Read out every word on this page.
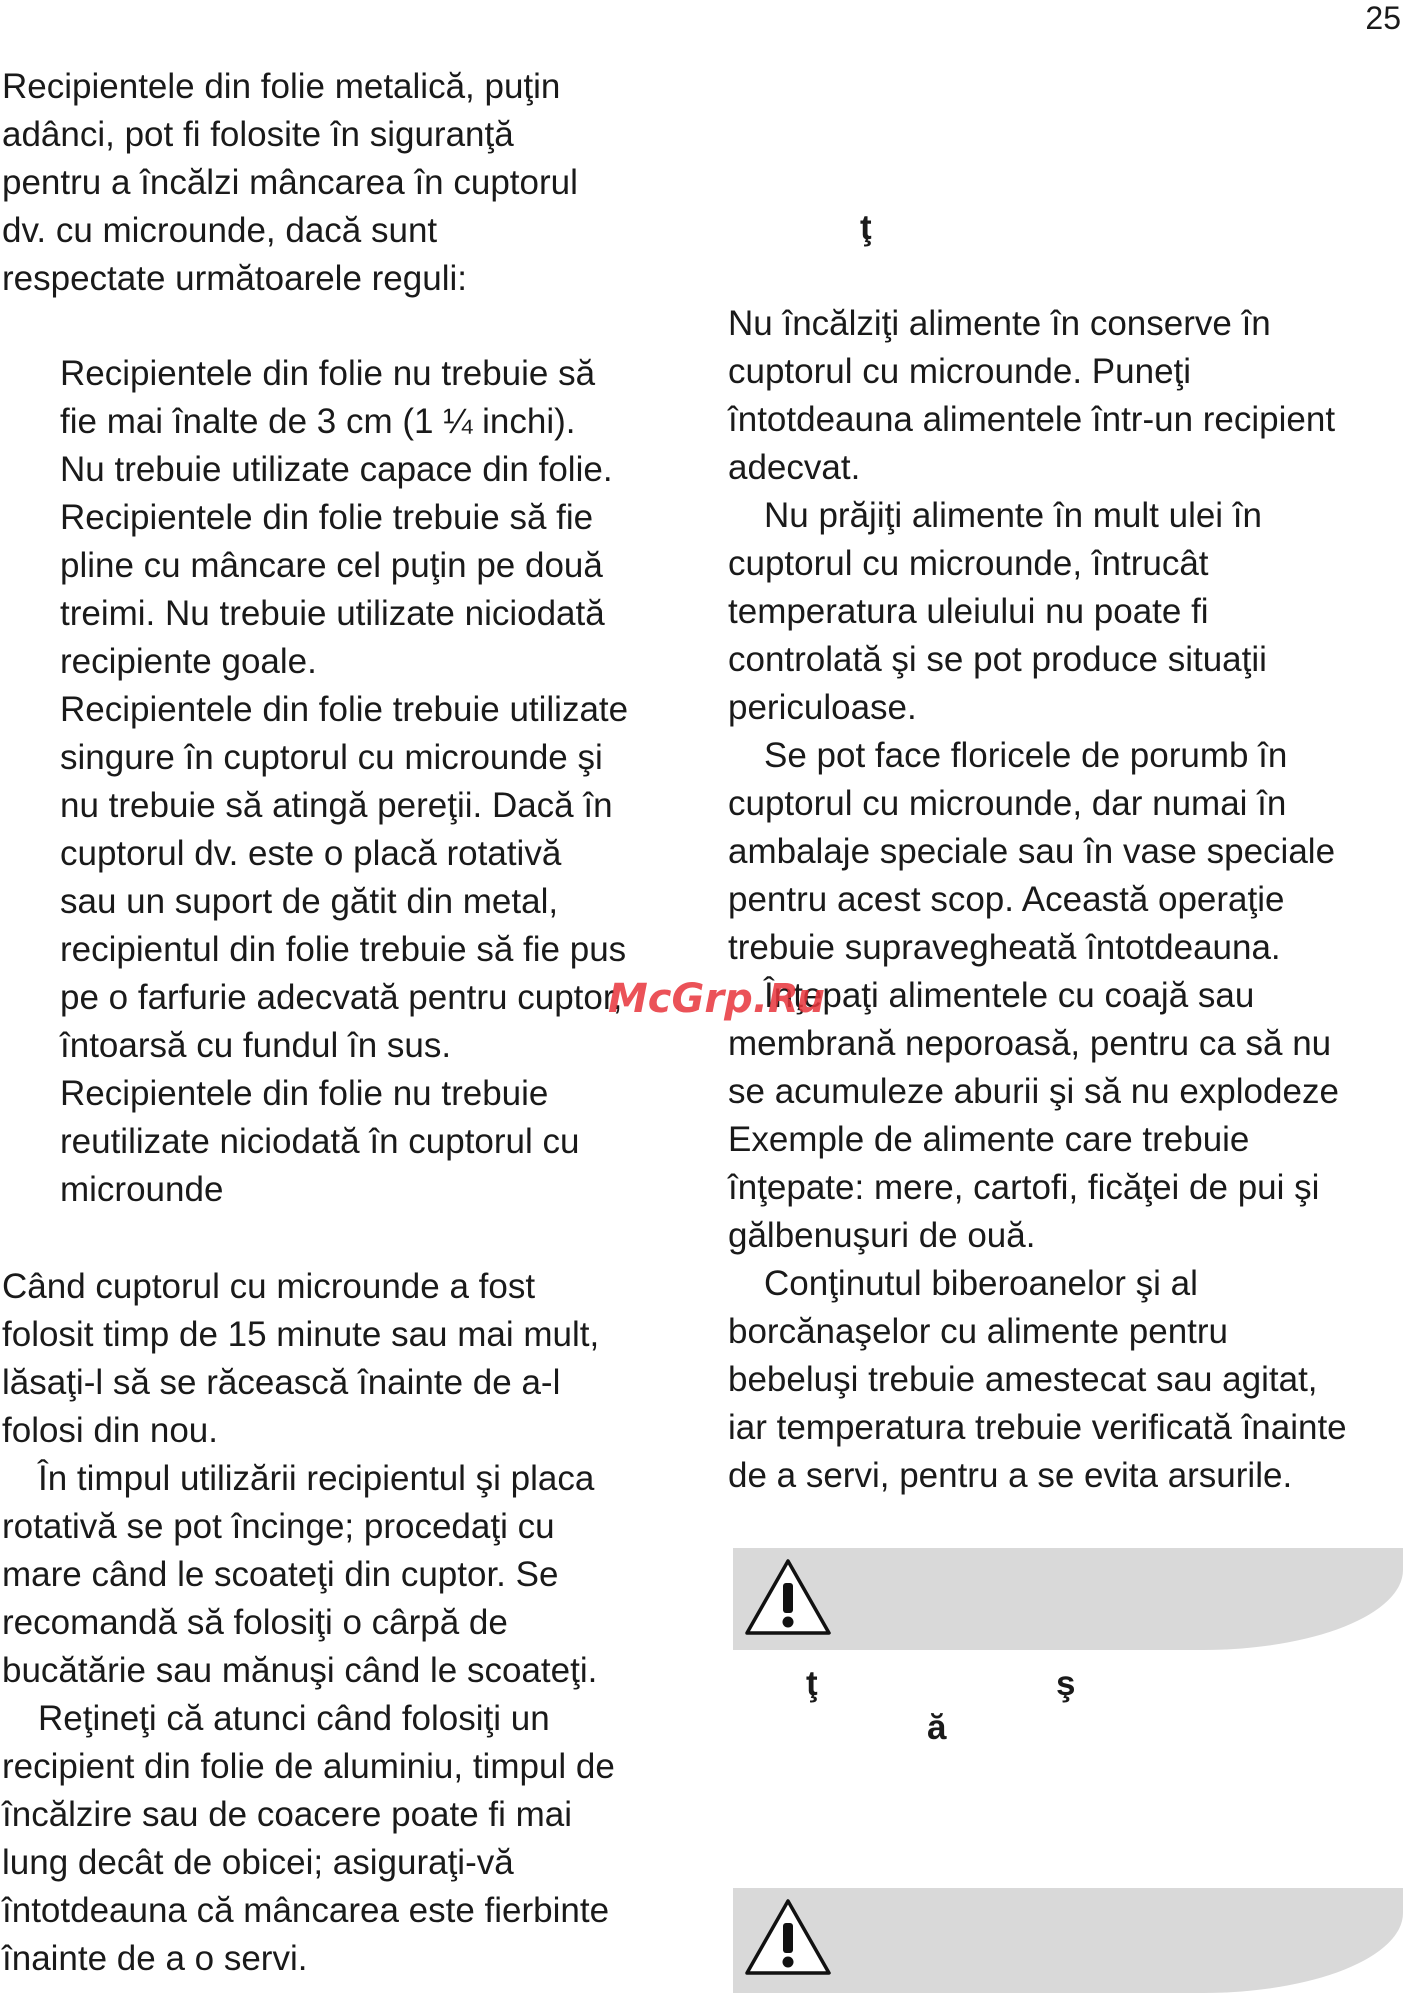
25

Recipientele din folie metalică, puţin

adânci, pot fi folosite în siguranţă

pentru a încălzi mâncarea în cuptorul

dv. cu microunde, dacă sunt

respectate următoarele reguli:

Recipientele din folie nu trebuie să

fie mai înalte de 3 cm (1 ¼ inchi).

Nu trebuie utilizate capace din folie.

Recipientele din folie trebuie să fie

pline cu mâncare cel puţin pe două

treimi. Nu trebuie utilizate niciodată

recipiente goale.

Recipientele din folie trebuie utilizate

singure în cuptorul cu microunde şi

nu trebuie să atingă pereţii. Dacă în

cuptorul dv. este o placă rotativă

sau un suport de gătit din metal,

recipientul din folie trebuie să fie pus

pe o farfurie adecvată pentru cuptor,

întoarsă cu fundul în sus.

Recipientele din folie nu trebuie

reutilizate niciodată în cuptorul cu

microunde

Când cuptorul cu microunde a fost

folosit timp de 15 minute sau mai mult,

lăsaţi-l să se răcească înainte de a-l

folosi din nou.

În timpul utilizării recipientul şi placa

rotativă se pot încinge; procedaţi cu

mare când le scoateţi din cuptor. Se

recomandă să folosiţi o cârpă de

bucătărie sau mănuşi când le scoateţi.

Reţineţi că atunci când folosiţi un

recipient din folie de aluminiu, timpul de

încălzire sau de coacere poate fi mai

lung decât de obicei; asiguraţi-vă

întotdeauna că mâncarea este fierbinte

înainte de a o servi.

ţ

Nu încălziţi alimente în conserve în

cuptorul cu microunde. Puneţi

întotdeauna alimentele într-un recipient

adecvat.

Nu prăjiţi alimente în mult ulei în

cuptorul cu microunde, întrucât

temperatura uleiului nu poate fi

controlată şi se pot produce situaţii

periculoase.

Se pot face floricele de porumb în

cuptorul cu microunde, dar numai în

ambalaje speciale sau în vase speciale

pentru acest scop. Această operaţie

trebuie supravegheată întotdeauna.

Înţepaţi alimentele cu coajă sau

membrană neporoasă, pentru ca să nu

se acumuleze aburii şi să nu explodeze

Exemple de alimente care trebuie

înţepate: mere, cartofi, ficăţei de pui şi

gălbenuşuri de ouă.

Conţinutul biberoanelor şi al

borcănaşelor cu alimente pentru

bebeluşi trebuie amestecat sau agitat,

iar temperatura trebuie verificată înainte

de a servi, pentru a se evita arsurile.

ţ	ş
ă
McGrp.Ru
